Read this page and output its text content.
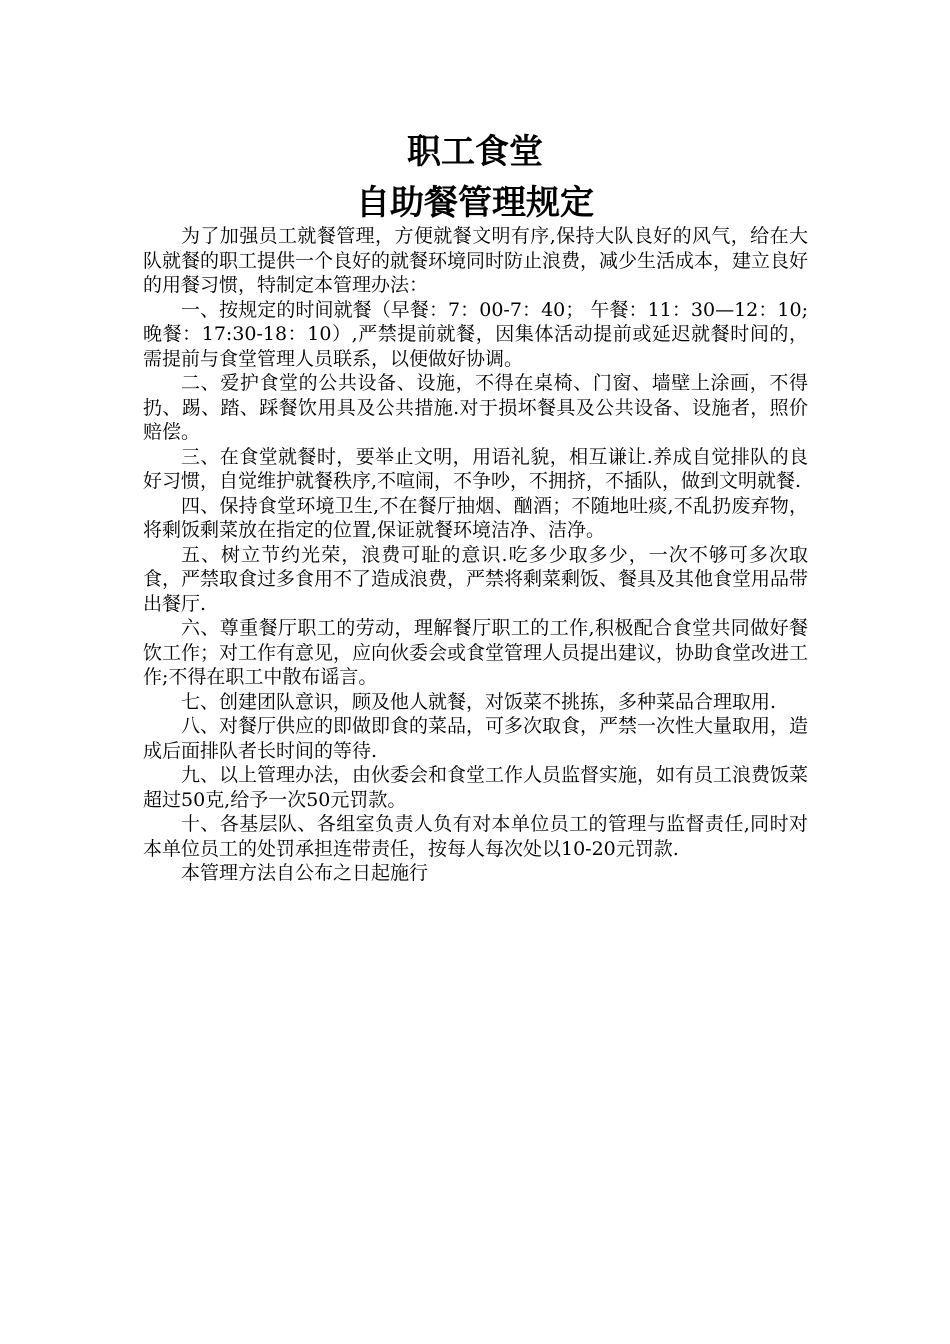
职工食堂
自助餐管理规定

为了加强员工就餐管理，方便就餐文明有序,保持大队良好的风气，给在大队就餐的职工提供一个良好的就餐环境同时防止浪费，减少生活成本，建立良好的用餐习惯，特制定本管理办法：

一、按规定的时间就餐（早餐：7：00-7：40； 午餐：11：30—12：10; 晚餐：17:30-18：10）,严禁提前就餐，因集体活动提前或延迟就餐时间的，需提前与食堂管理人员联系，以便做好协调。

二、爱护食堂的公共设备、设施，不得在桌椅、门窗、墙壁上涂画，不得扔、踢、踏、踩餐饮用具及公共措施.对于损坏餐具及公共设备、设施者，照价赔偿。

三、在食堂就餐时，要举止文明，用语礼貌，相互谦让.养成自觉排队的良好习惯，自觉维护就餐秩序,不喧闹，不争吵，不拥挤，不插队，做到文明就餐.

四、保持食堂环境卫生,不在餐厅抽烟、酗酒；不随地吐痰,不乱扔废弃物，将剩饭剩菜放在指定的位置,保证就餐环境洁净、洁净。

五、树立节约光荣，浪费可耻的意识.吃多少取多少，一次不够可多次取食，严禁取食过多食用不了造成浪费，严禁将剩菜剩饭、餐具及其他食堂用品带出餐厅.

六、尊重餐厅职工的劳动，理解餐厅职工的工作,积极配合食堂共同做好餐饮工作；对工作有意见，应向伙委会或食堂管理人员提出建议，协助食堂改进工作;不得在职工中散布谣言。

七、创建团队意识，顾及他人就餐，对饭菜不挑拣，多种菜品合理取用.

八、对餐厅供应的即做即食的菜品，可多次取食，严禁一次性大量取用，造成后面排队者长时间的等待.

九、以上管理办法，由伙委会和食堂工作人员监督实施，如有员工浪费饭菜超过50克,给予一次50元罚款。

十、各基层队、各组室负责人负有对本单位员工的管理与监督责任,同时对本单位员工的处罚承担连带责任，按每人每次处以10-20元罚款.

本管理方法自公布之日起施行
